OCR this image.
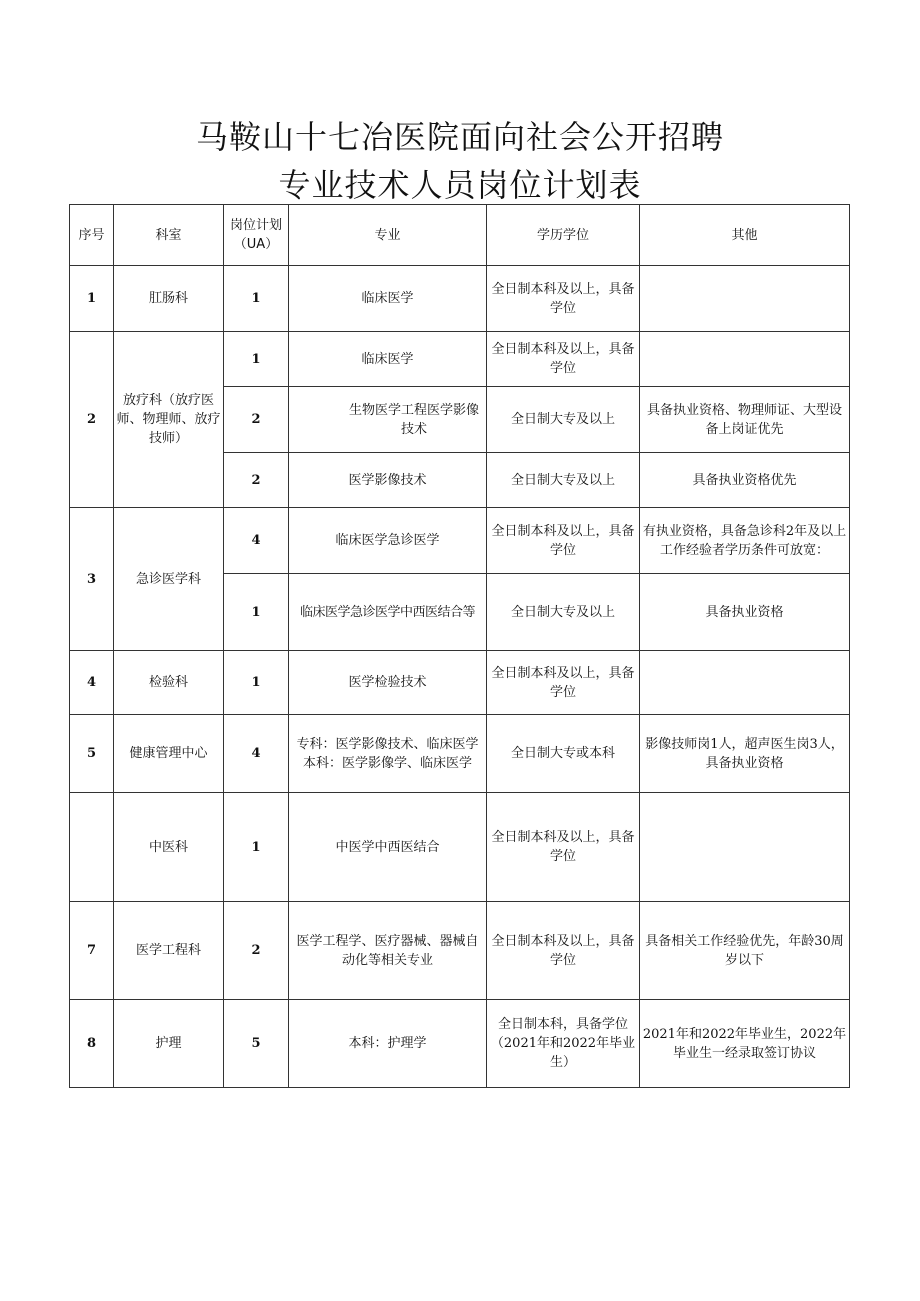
马鞍山十七冶医院面向社会公开招聘
专业技术人员岗位计划表
序号	科室	岗位计划（UA）	专业	学历学位	其他
1	肛肠科	1	临床医学	全日制本科及以上，具备学位	
2	放疗科（放疗医师、物理师、放疗技师）	1	临床医学	全日制本科及以上，具备学位	
		2	生物医学工程医学影像技术	全日制大专及以上	具备执业资格、物理师证、大型设备上岗证优先
		2	医学影像技术	全日制大专及以上	具备执业资格优先
3	急诊医学科	4	临床医学急诊医学	全日制本科及以上，具备学位	有执业资格，具备急诊科2年及以上工作经验者学历条件可放宽：
		1	临床医学急诊医学中西医结合等	全日制大专及以上	具备执业资格
4	检验科	1	医学检验技术	全日制本科及以上，具备学位	
5	健康管理中心	4	专科：医学影像技术、临床医学本科：医学影像学、临床医学	全日制大专或本科	影像技师岗1人，超声医生岗3人，具备执业资格
	中医科	1	中医学中西医结合	全日制本科及以上，具备学位	
7	医学工程科	2	医学工程学、医疗器械、器械自动化等相关专业	全日制本科及以上，具备学位	具备相关工作经验优先，年龄30周岁以下
8	护理	5	本科：护理学	全日制本科，具备学位（2021年和2022年毕业生）	2021年和2022年毕业生，2022年毕业生一经录取签订协议
